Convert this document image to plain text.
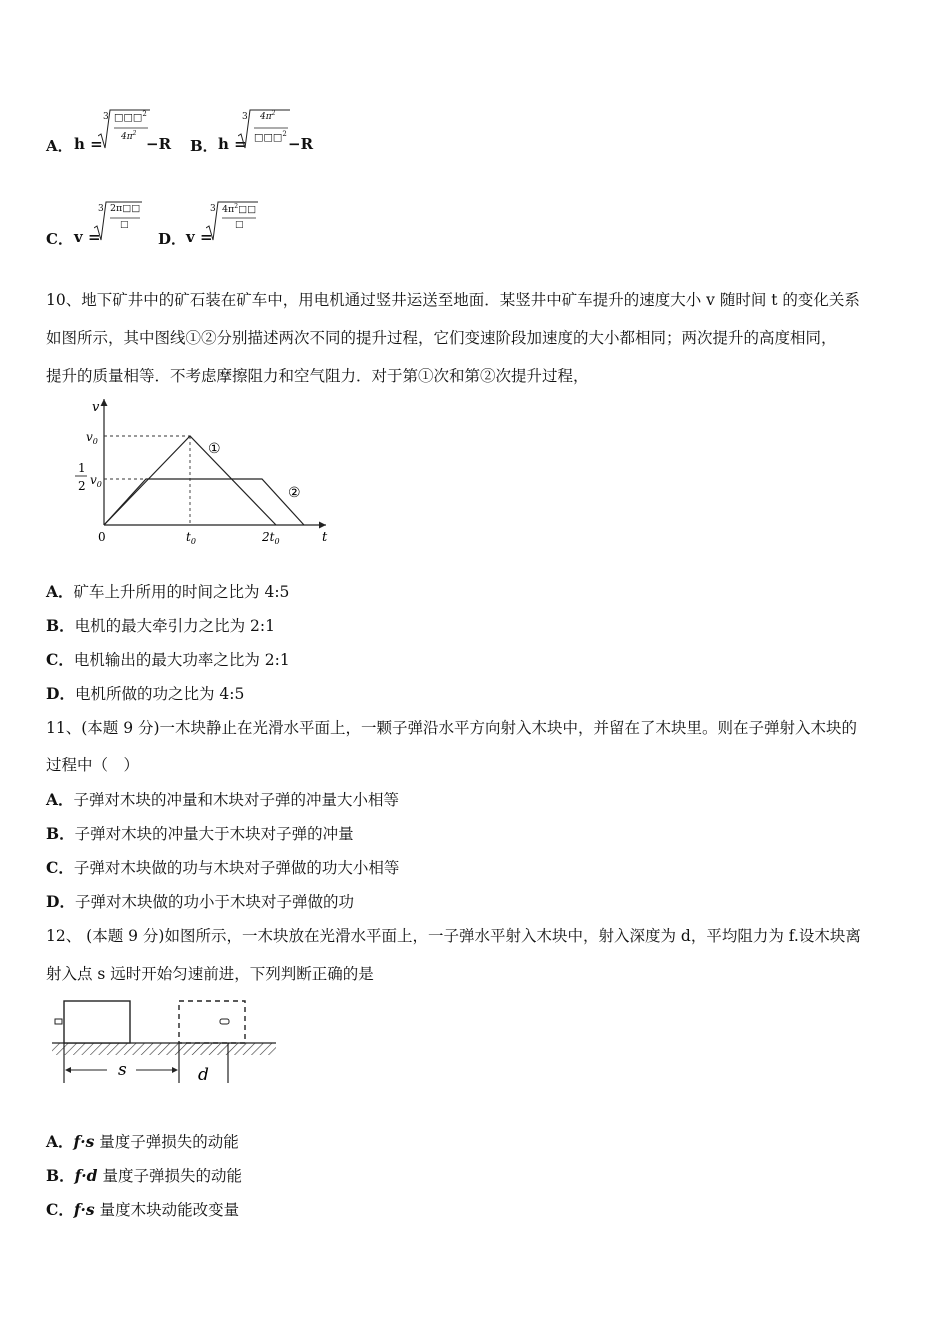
A． h =
3 □□□$^2$
$4\pi^2$
−R B． h =
3 $4\pi^2$
□□□$^2$
−R
C． v =
3 2π□□
□
D． v =
3 $4\pi^2□□$
□
10、地下矿井中的矿石装在矿车中，用电机通过竖井运送至地面．某竖井中矿车提升的速度大小 v 随时间 t 的变化关系
如图所示，其中图线①②分别描述两次不同的提升过程，它们变速阶段加速度的大小都相同；两次提升的高度相同，
提升的质量相等．不考虑摩擦阻力和空气阻力．对于第①次和第②次提升过程，
v
t
$v_0$
1
2 $v_0$
0	$t_0$	$2t_0$
①
②
A．矿车上升所用的时间之比为 4:5
B．电机的最大牵引力之比为 2:1
C．电机输出的最大功率之比为 2:1
D．电机所做的功之比为 4:5
11、(本题 9 分)一木块静止在光滑水平面上，一颗子弹沿水平方向射入木块中，并留在了木块里。则在子弹射入木块的
过程中（　）
A．子弹对木块的冲量和木块对子弹的冲量大小相等
B．子弹对木块的冲量大于木块对子弹的冲量
C．子弹对木块做的功与木块对子弹做的功大小相等
D．子弹对木块做的功小于木块对子弹做的功
12、 (本题 9 分)如图所示，一木块放在光滑水平面上，一子弹水平射入木块中，射入深度为 d，平均阻力为 f.设木块离
射入点 s 远时开始匀速前进，下列判断正确的是
s	d
A．f·s 量度子弹损失的动能
B．f·d 量度子弹损失的动能
C．f·s 量度木块动能改变量
